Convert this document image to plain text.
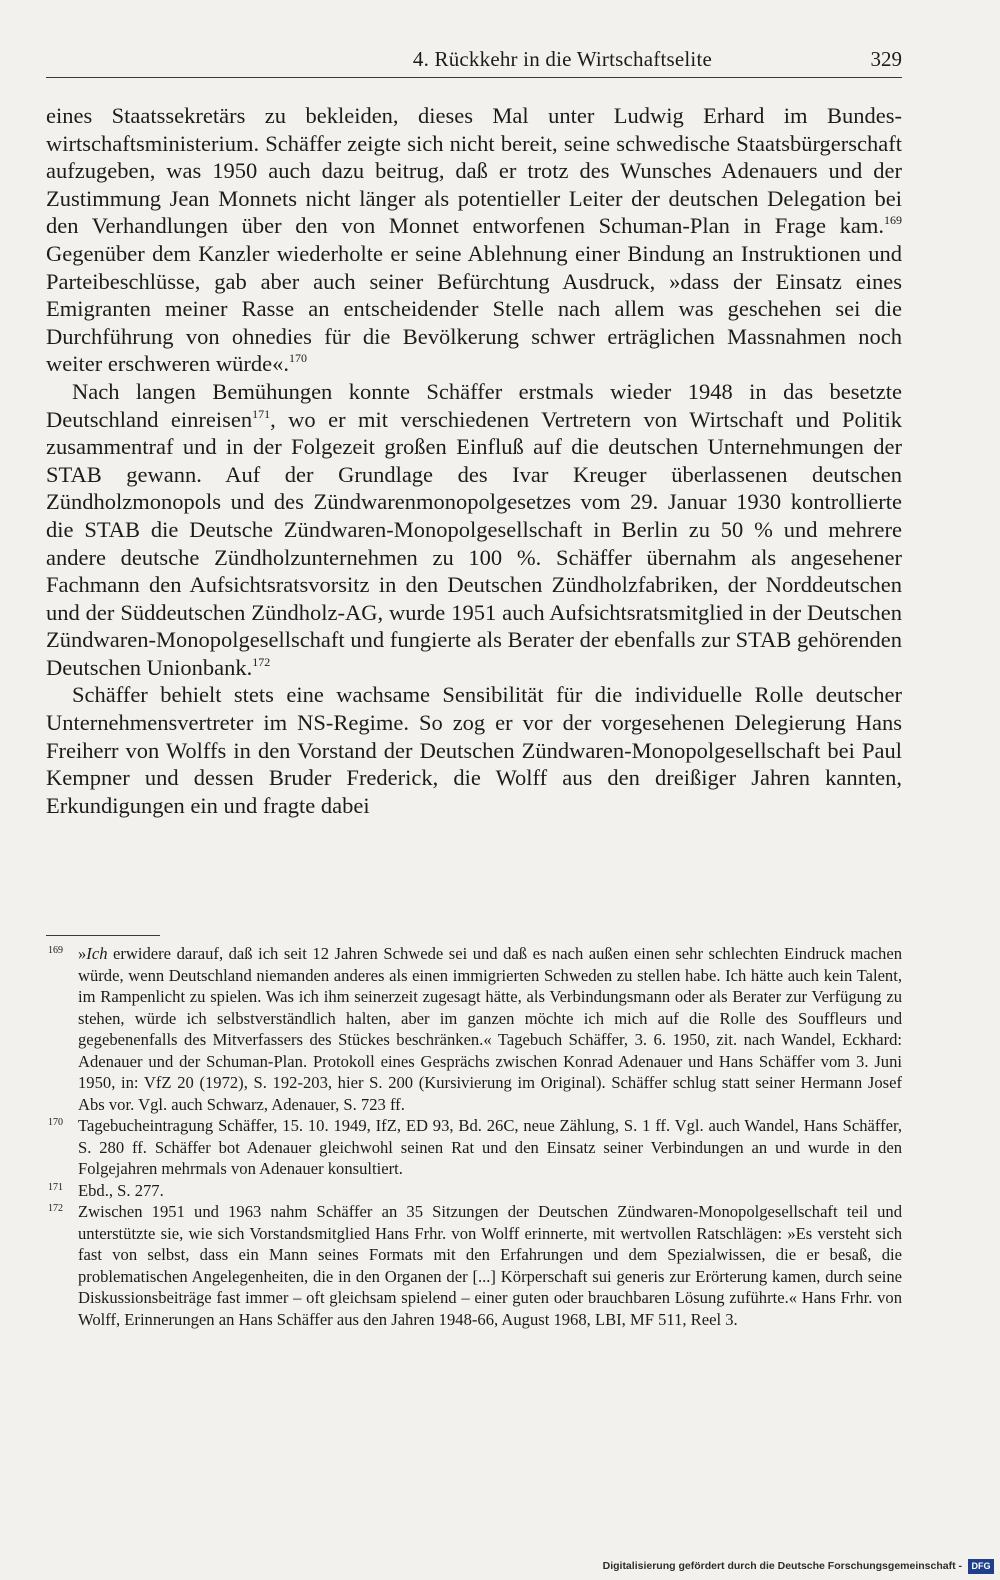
4. Rückkehr in die Wirtschaftselite	329

eines Staatssekretärs zu bekleiden, dieses Mal unter Ludwig Erhard im Bundeswirtschaftsministerium. Schäffer zeigte sich nicht bereit, seine schwedische Staatsbürgerschaft aufzugeben, was 1950 auch dazu beitrug, daß er trotz des Wunsches Adenauers und der Zustimmung Jean Monnets nicht länger als potentieller Leiter der deutschen Delegation bei den Verhandlungen über den von Monnet entworfenen Schuman-Plan in Frage kam.$^{169}$ Gegenüber dem Kanzler wiederholte er seine Ablehnung einer Bindung an Instruktionen und Parteibeschlüsse, gab aber auch seiner Befürchtung Ausdruck, »dass der Einsatz eines Emigranten meiner Rasse an entscheidender Stelle nach allem was geschehen sei die Durchführung von ohnedies für die Bevölkerung schwer erträglichen Massnahmen noch weiter erschweren würde«.$^{170}$

Nach langen Bemühungen konnte Schäffer erstmals wieder 1948 in das besetzte Deutschland einreisen$^{171}$, wo er mit verschiedenen Vertretern von Wirtschaft und Politik zusammentraf und in der Folgezeit großen Einfluß auf die deutschen Unternehmungen der STAB gewann. Auf der Grundlage des Ivar Kreuger überlassenen deutschen Zündholzmonopols und des Zündwarenmonopolgesetzes vom 29. Januar 1930 kontrollierte die STAB die Deutsche Zündwaren-Monopolgesellschaft in Berlin zu 50 % und mehrere andere deutsche Zündholzunternehmen zu 100 %. Schäffer übernahm als angesehener Fachmann den Aufsichtsratsvorsitz in den Deutschen Zündholzfabriken, der Norddeutschen und der Süddeutschen Zündholz-AG, wurde 1951 auch Aufsichtsratsmitglied in der Deutschen Zündwaren-Monopolgesellschaft und fungierte als Berater der ebenfalls zur STAB gehörenden Deutschen Unionbank.$^{172}$

Schäffer behielt stets eine wachsame Sensibilität für die individuelle Rolle deutscher Unternehmensvertreter im NS-Regime. So zog er vor der vorgesehenen Delegierung Hans Freiherr von Wolffs in den Vorstand der Deutschen Zündwaren-Monopolgesellschaft bei Paul Kempner und dessen Bruder Frederick, die Wolff aus den dreißiger Jahren kannten, Erkundigungen ein und fragte dabei

169 »Ich erwidere darauf, daß ich seit 12 Jahren Schwede sei und daß es nach außen einen sehr schlechten Eindruck machen würde, wenn Deutschland niemanden anderes als einen immigrierten Schweden zu stellen habe. Ich hätte auch kein Talent, im Rampenlicht zu spielen. Was ich ihm seinerzeit zugesagt hätte, als Verbindungsmann oder als Berater zur Verfügung zu stehen, würde ich selbstverständlich halten, aber im ganzen möchte ich mich auf die Rolle des Souffleurs und gegebenenfalls des Mitverfassers des Stückes beschränken.« Tagebuch Schäffer, 3. 6. 1950, zit. nach Wandel, Eckhard: Adenauer und der Schuman-Plan. Protokoll eines Gesprächs zwischen Konrad Adenauer und Hans Schäffer vom 3. Juni 1950, in: VfZ 20 (1972), S. 192-203, hier S. 200 (Kursivierung im Original). Schäffer schlug statt seiner Hermann Josef Abs vor. Vgl. auch Schwarz, Adenauer, S. 723 ff.

170 Tagebucheintragung Schäffer, 15. 10. 1949, IfZ, ED 93, Bd. 26C, neue Zählung, S. 1 ff. Vgl. auch Wandel, Hans Schäffer, S. 280 ff. Schäffer bot Adenauer gleichwohl seinen Rat und den Einsatz seiner Verbindungen an und wurde in den Folgejahren mehrmals von Adenauer konsultiert.

171 Ebd., S. 277.

172 Zwischen 1951 und 1963 nahm Schäffer an 35 Sitzungen der Deutschen Zündwaren-Monopolgesellschaft teil und unterstützte sie, wie sich Vorstandsmitglied Hans Frhr. von Wolff erinnerte, mit wertvollen Ratschlägen: »Es versteht sich fast von selbst, dass ein Mann seines Formats mit den Erfahrungen und dem Spezialwissen, die er besaß, die problematischen Angelegenheiten, die in den Organen der [...] Körperschaft sui generis zur Erörterung kamen, durch seine Diskussionsbeiträge fast immer – oft gleichsam spielend – einer guten oder brauchbaren Lösung zuführte.« Hans Frhr. von Wolff, Erinnerungen an Hans Schäffer aus den Jahren 1948-66, August 1968, LBI, MF 511, Reel 3.

Digitalisierung gefördert durch die Deutsche Forschungsgemeinschaft -	DFG
